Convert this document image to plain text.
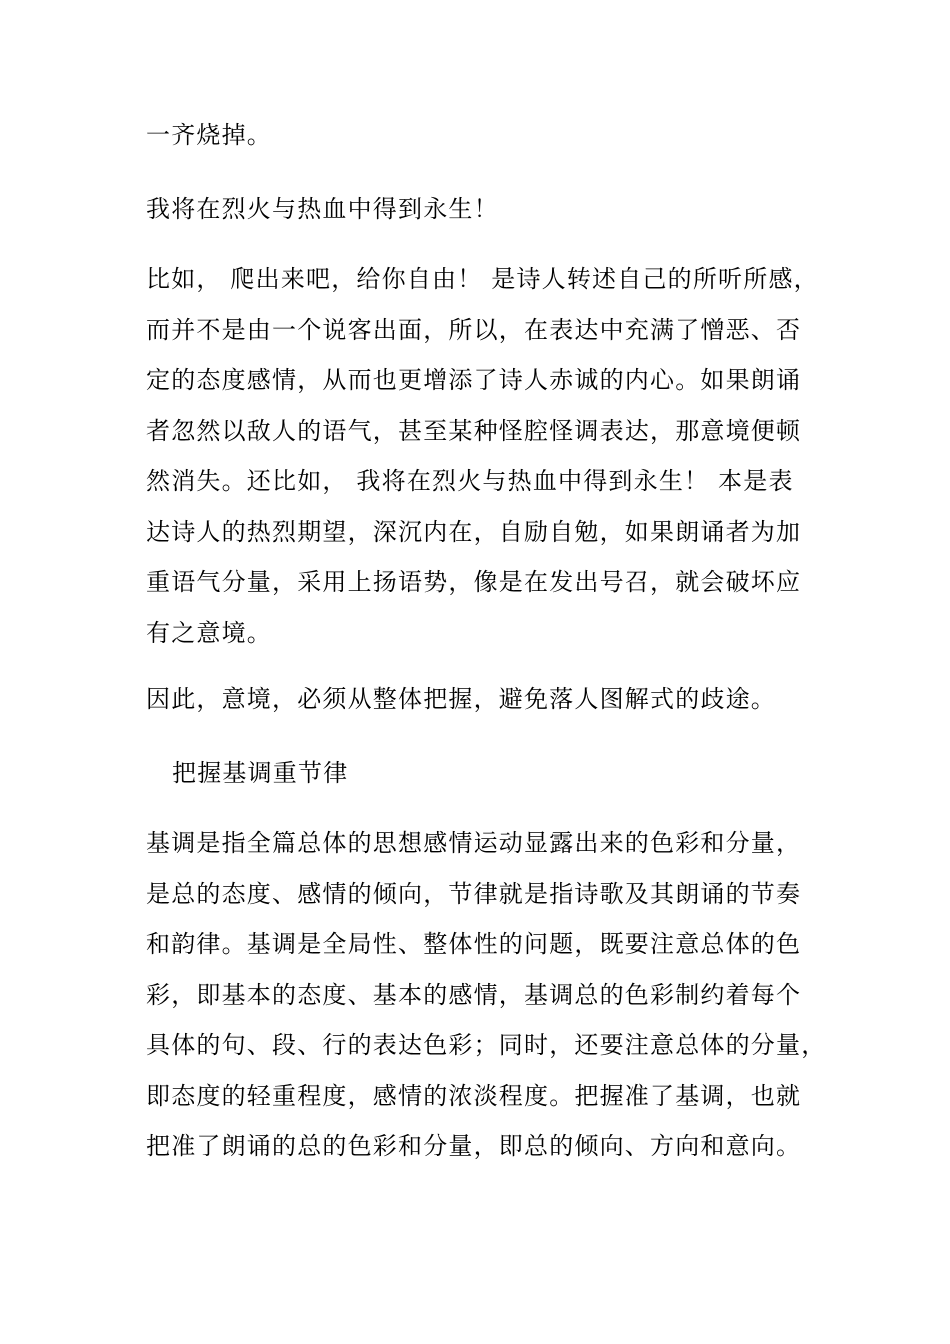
一齐烧掉。

我将在烈火与热血中得到永生！

比如， 爬出来吧，给你自由！ 是诗人转述自己的所听所感，
而并不是由一个说客出面，所以，在表达中充满了憎恶、否
定的态度感情，从而也更增添了诗人赤诚的内心。如果朗诵
者忽然以敌人的语气，甚至某种怪腔怪调表达，那意境便顿
然消失。还比如， 我将在烈火与热血中得到永生！ 本是表
达诗人的热烈期望，深沉内在，自励自勉，如果朗诵者为加
重语气分量，采用上扬语势，像是在发出号召，就会破坏应
有之意境。

因此，意境，必须从整体把握，避免落人图解式的歧途。

把握基调重节律

基调是指全篇总体的思想感情运动显露出来的色彩和分量，
是总的态度、感情的倾向，节律就是指诗歌及其朗诵的节奏
和韵律。基调是全局性、整体性的问题，既要注意总体的色
彩，即基本的态度、基本的感情，基调总的色彩制约着每个
具体的句、段、行的表达色彩；同时，还要注意总体的分量，
即态度的轻重程度，感情的浓淡程度。把握准了基调，也就
把准了朗诵的总的色彩和分量，即总的倾向、方向和意向。
